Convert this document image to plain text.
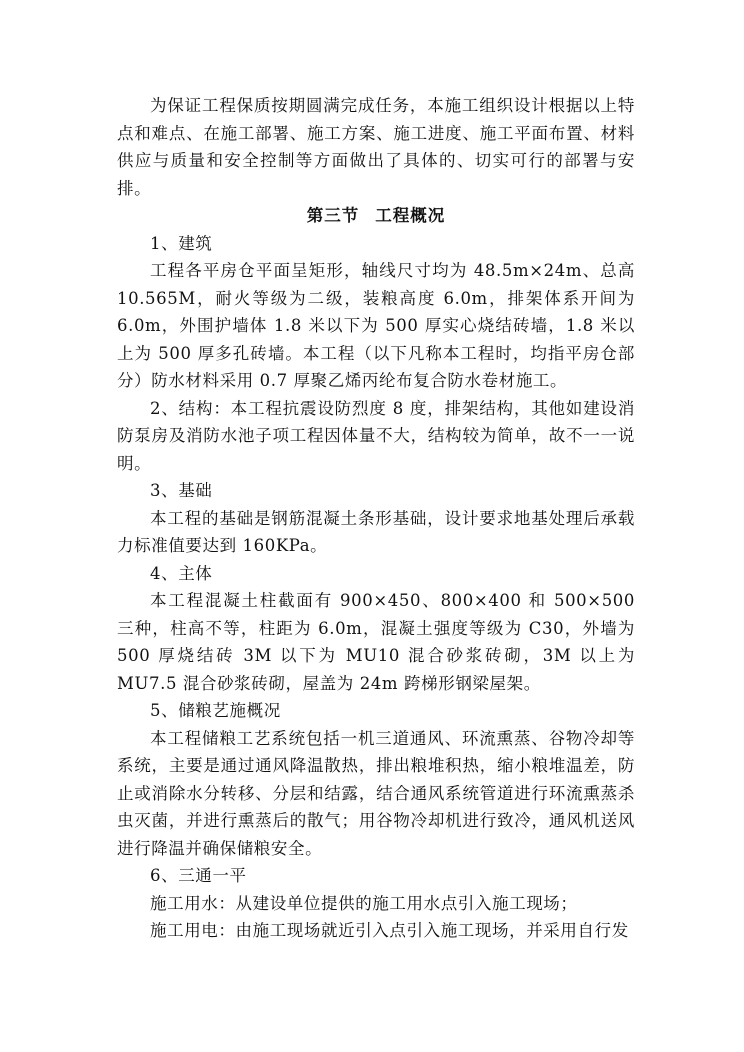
为保证工程保质按期圆满完成任务，本施工组织设计根据以上特点和难点、在施工部署、施工方案、施工进度、施工平面布置、材料供应与质量和安全控制等方面做出了具体的、切实可行的部署与安排。

第三节 工程概况

1、建筑

工程各平房仓平面呈矩形，轴线尺寸均为 48.5m×24m、总高 10.565M，耐火等级为二级，装粮高度 6.0m，排架体系开间为 6.0m，外围护墙体 1.8 米以下为 500 厚实心烧结砖墙，1.8 米以上为 500 厚多孔砖墙。本工程（以下凡称本工程时，均指平房仓部分）防水材料采用 0.7 厚聚乙烯丙纶布复合防水卷材施工。

2、结构：本工程抗震设防烈度 8 度，排架结构，其他如建设消防泵房及消防水池子项工程因体量不大，结构较为简单，故不一一说明。

3、基础

本工程的基础是钢筋混凝土条形基础，设计要求地基处理后承载力标准值要达到 160KPa。

4、主体

本工程混凝土柱截面有 900×450、800×400 和 500×500 三种，柱高不等，柱距为 6.0m，混凝土强度等级为 C30，外墙为 500 厚烧结砖 3M 以下为 MU10 混合砂浆砖砌，3M 以上为 MU7.5 混合砂浆砖砌，屋盖为 24m 跨梯形钢梁屋架。

5、储粮艺施概况

本工程储粮工艺系统包括一机三道通风、环流熏蒸、谷物冷却等系统，主要是通过通风降温散热，排出粮堆积热，缩小粮堆温差，防止或消除水分转移、分层和结露，结合通风系统管道进行环流熏蒸杀虫灭菌，并进行熏蒸后的散气；用谷物冷却机进行致冷，通风机送风进行降温并确保储粮安全。

6、三通一平

施工用水：从建设单位提供的施工用水点引入施工现场；

施工用电：由施工现场就近引入点引入施工现场，并采用自行发
